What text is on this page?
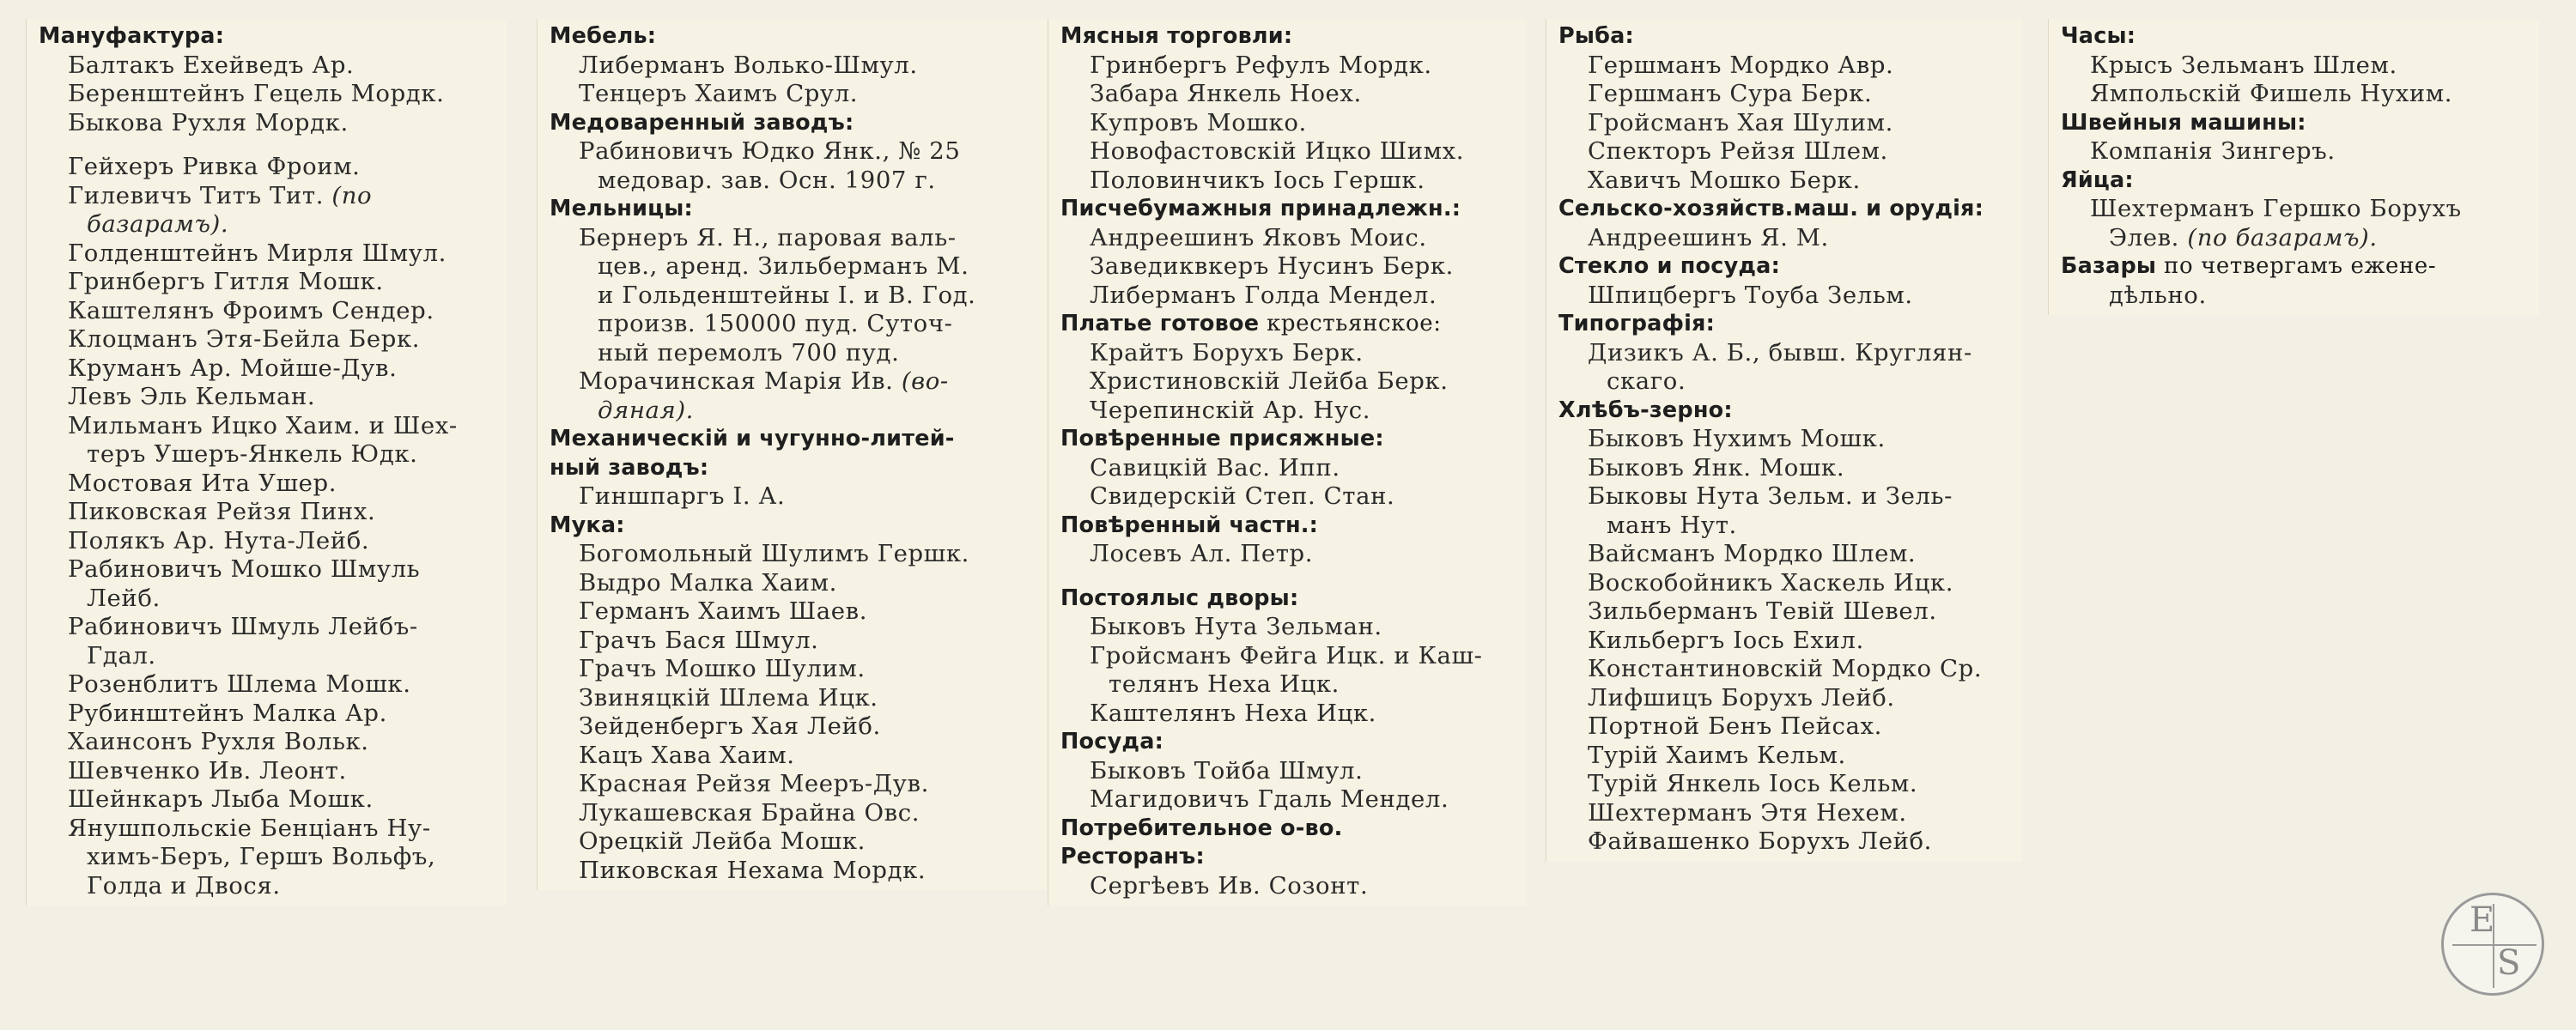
Мануфактура:
Балтакъ Ехейведъ Ар.
Беренштейнъ Гецель Мордк.
Быкова Рухля Мордк.
Гейхеръ Ривка Фроим.
Гилевичъ Титъ Тит. (по
базарамъ).
Голденштейнъ Мирля Шмул.
Гринбергъ Гитля Мошк.
Каштелянъ Фроимъ Сендер.
Клоцманъ Этя-Бейла Берк.
Круманъ Ар. Мойше-Дув.
Левъ Эль Кельман.
Мильманъ Ицко Хаим. и Шех-
теръ Ушеръ-Янкель Юдк.
Мостовая Ита Ушер.
Пиковская Рейзя Пинх.
Полякъ Ар. Нута-Лейб.
Рабиновичъ Мошко Шмуль
Лейб.
Рабиновичъ Шмуль Лейбъ-
Гдал.
Розенблитъ Шлема Мошк.
Рубинштейнъ Малка Ар.
Хаинсонъ Рухля Вольк.
Шевченко Ив. Леонт.
Шейнкаръ Лыба Мошк.
Янушпольскіе Бенціанъ Ну-
химъ-Беръ, Гершъ Вольфъ,
Голда и Двося.
Мебель:
Либерманъ Волько-Шмул.
Тенцеръ Хаимъ Срул.
Медоваренный заводъ:
Рабиновичъ Юдко Янк., № 25
медовар. зав. Осн. 1907 г.
Мельницы:
Бернеръ Я. Н., паровая валь-
цев., аренд. Зильберманъ М.
и Гольденштейны I. и В. Год.
произв. 150000 пуд. Суточ-
ный перемолъ 700 пуд.
Морачинская Марія Ив. (во-
дяная).
Механическій и чугунно-литей-
ный заводъ:
Гиншпаргъ I. А.
Мука:
Богомольный Шулимъ Гершк.
Выдро Малка Хаим.
Германъ Хаимъ Шаев.
Грачъ Бася Шмул.
Грачъ Мошко Шулим.
Звиняцкій Шлема Ицк.
Зейденбергъ Хая Лейб.
Кацъ Хава Хаим.
Красная Рейзя Мееръ-Дув.
Лукашевская Брайна Овс.
Орецкій Лейба Мошк.
Пиковская Нехама Мордк.
Мясныя торговли:
Гринбергъ Рефулъ Мордк.
Забара Янкель Ноех.
Купровъ Мошко.
Новофастовскій Ицко Шимх.
Половинчикъ Іось Гершк.
Писчебумажныя принадлежн.:
Андреешинъ Яковъ Моис.
Заведиквкеръ Нусинъ Берк.
Либерманъ Голда Мендел.
Платье готовое крестьянское:
Крайтъ Борухъ Берк.
Христиновскій Лейба Берк.
Черепинскій Ар. Нус.
Повѣренные присяжные:
Савицкій Вас. Ипп.
Свидерскій Степ. Стан.
Повѣренный частн.:
Лосевъ Ал. Петр.
Постоялыс дворы:
Быковъ Нута Зельман.
Гройсманъ Фейга Ицк. и Каш-
телянъ Неха Ицк.
Каштелянъ Неха Ицк.
Посуда:
Быковъ Тойба Шмул.
Магидовичъ Гдаль Мендел.
Потребительное о-во.
Ресторанъ:
Сергѣевъ Ив. Созонт.
Рыба:
Гершманъ Мордко Авр.
Гершманъ Сура Берк.
Гройсманъ Хая Шулим.
Спекторъ Рейзя Шлем.
Хавичъ Мошко Берк.
Сельско-хозяйств.маш. и орудія:
Андреешинъ Я. М.
Стекло и посуда:
Шпицбергъ Тоуба Зельм.
Типографія:
Дизикъ А. Б., бывш. Круглян-
скаго.
Хлѣбъ-зерно:
Быковъ Нухимъ Мошк.
Быковъ Янк. Мошк.
Быковы Нута Зельм. и Зель-
манъ Нут.
Вайсманъ Мордко Шлем.
Воскобойникъ Хаскель Ицк.
Зильберманъ Тевій Шевел.
Кильбергъ Іось Ехил.
Константиновскій Мордко Ср.
Лифшицъ Борухъ Лейб.
Портной Бенъ Пейсах.
Турій Хаимъ Кельм.
Турій Янкель Іось Кельм.
Шехтерманъ Этя Нехем.
Файвашенко Борухъ Лейб.
Часы:
Крысъ Зельманъ Шлем.
Ямпольскій Фишель Нухим.
Швейныя машины:
Компанія Зингеръ.
Яйца:
Шехтерманъ Гершко Борухъ
Элев. (по базарамъ).
Базары по четвергамъ ежене-
дѣльно.
E
S
